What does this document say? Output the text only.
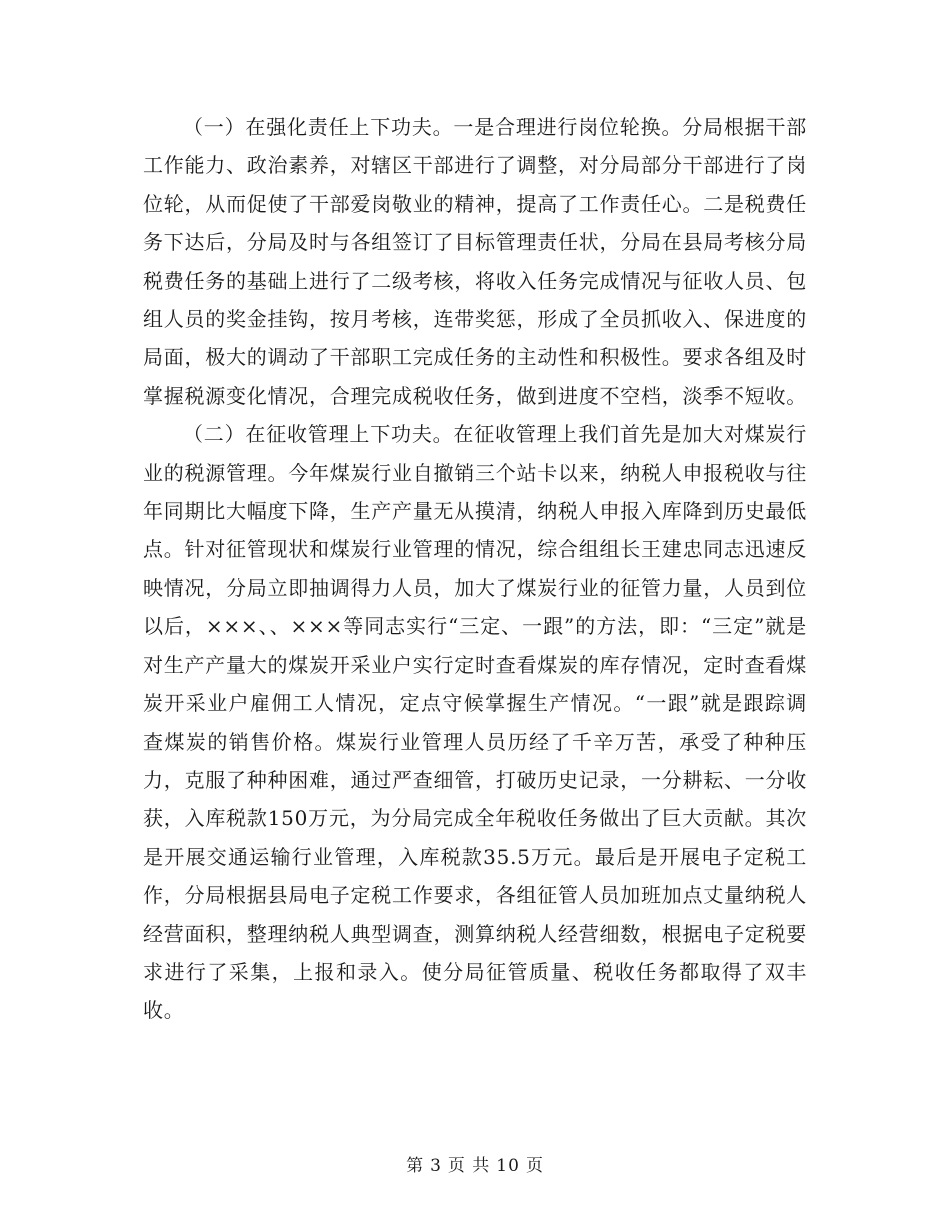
（一）在强化责任上下功夫。一是合理进行岗位轮换。分局根据干部工作能力、政治素养，对辖区干部进行了调整，对分局部分干部进行了岗位轮，从而促使了干部爱岗敬业的精神，提高了工作责任心。二是税费任务下达后，分局及时与各组签订了目标管理责任状，分局在县局考核分局税费任务的基础上进行了二级考核，将收入任务完成情况与征收人员、包组人员的奖金挂钩，按月考核，连带奖惩，形成了全员抓收入、保进度的局面，极大的调动了干部职工完成任务的主动性和积极性。要求各组及时掌握税源变化情况，合理完成税收任务，做到进度不空档，淡季不短收。

（二）在征收管理上下功夫。在征收管理上我们首先是加大对煤炭行业的税源管理。今年煤炭行业自撤销三个站卡以来，纳税人申报税收与往年同期比大幅度下降，生产产量无从摸清，纳税人申报入库降到历史最低点。针对征管现状和煤炭行业管理的情况，综合组组长王建忠同志迅速反映情况，分局立即抽调得力人员，加大了煤炭行业的征管力量，人员到位以后，×××、、×××等同志实行“三定、一跟”的方法，即：“三定”就是对生产产量大的煤炭开采业户实行定时查看煤炭的库存情况，定时查看煤炭开采业户雇佣工人情况，定点守候掌握生产情况。“一跟”就是跟踪调查煤炭的销售价格。煤炭行业管理人员历经了千辛万苦，承受了种种压力，克服了种种困难，通过严查细管，打破历史记录，一分耕耘、一分收获，入库税款150万元，为分局完成全年税收任务做出了巨大贡献。其次是开展交通运输行业管理，入库税款35.5万元。最后是开展电子定税工作，分局根据县局电子定税工作要求，各组征管人员加班加点丈量纳税人经营面积，整理纳税人典型调查，测算纳税人经营细数，根据电子定税要求进行了采集，上报和录入。使分局征管质量、税收任务都取得了双丰收。

第 3 页 共 10 页
